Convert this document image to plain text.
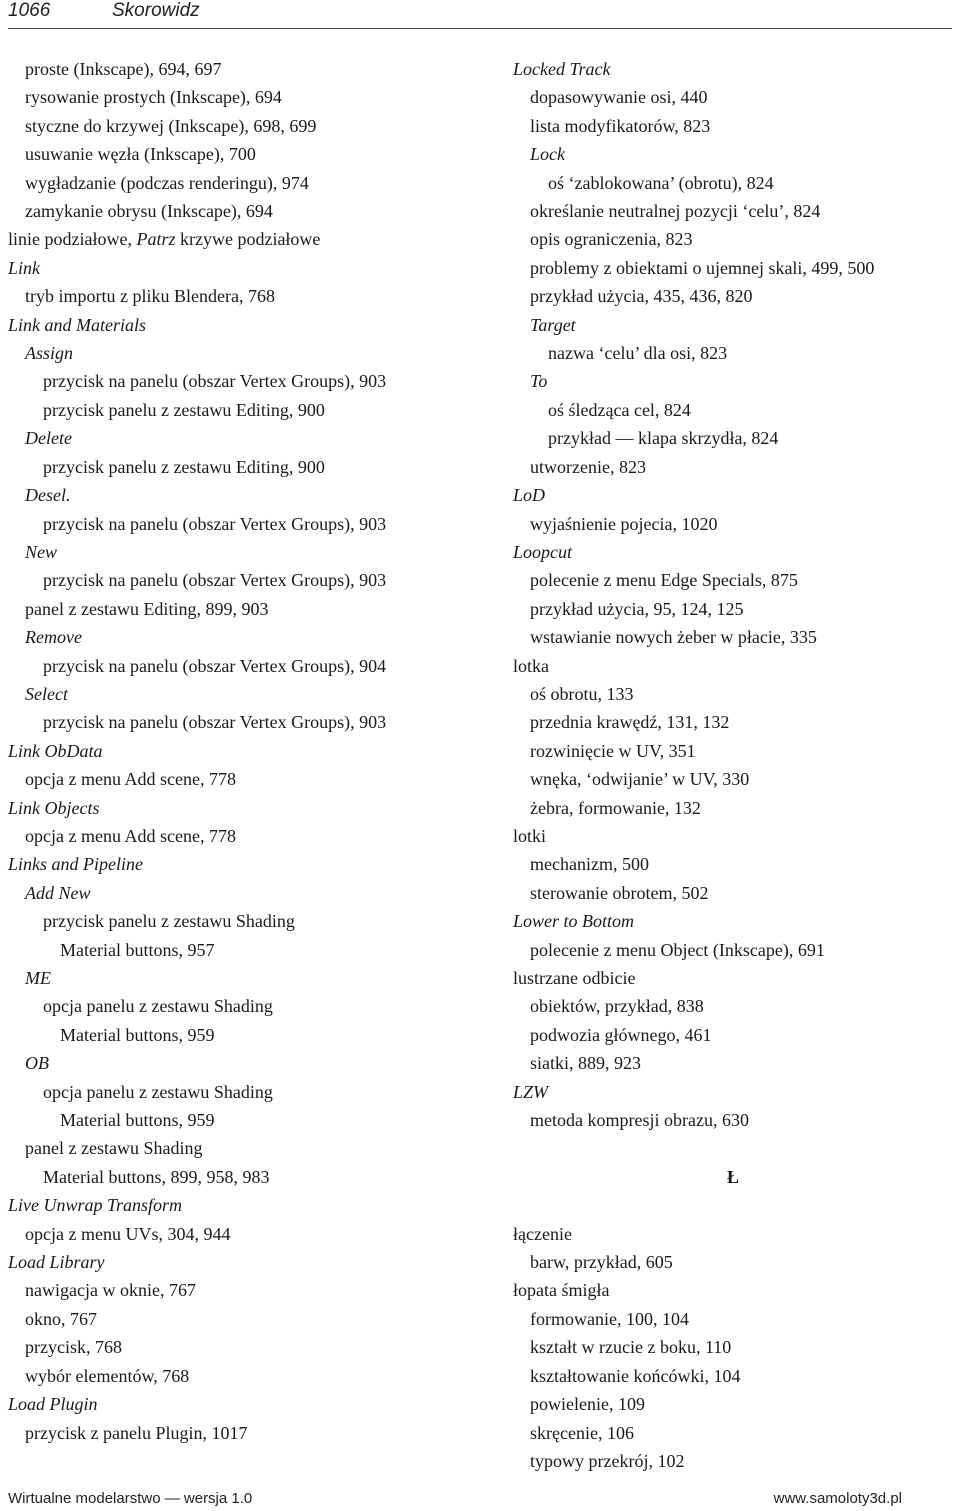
1066	Skorowidz
proste (Inkscape), 694, 697
rysowanie prostych (Inkscape), 694
styczne do krzywej (Inkscape), 698, 699
usuwanie węzła (Inkscape), 700
wygładzanie (podczas renderingu), 974
zamykanie obrysu (Inkscape), 694
linie podziałowe, Patrz krzywe podziałowe
Link
tryb importu z pliku Blendera, 768
Link and Materials
Assign
przycisk na panelu (obszar Vertex Groups), 903
przycisk panelu z zestawu Editing, 900
Delete
przycisk panelu z zestawu Editing, 900
Desel.
przycisk na panelu (obszar Vertex Groups), 903
New
przycisk na panelu (obszar Vertex Groups), 903
panel z zestawu Editing, 899, 903
Remove
przycisk na panelu (obszar Vertex Groups), 904
Select
przycisk na panelu (obszar Vertex Groups), 903
Link ObData
opcja z menu Add scene, 778
Link Objects
opcja z menu Add scene, 778
Links and Pipeline
Add New
przycisk panelu z zestawu Shading
Material buttons, 957
ME
opcja panelu z zestawu Shading
Material buttons, 959
OB
opcja panelu z zestawu Shading
Material buttons, 959
panel z zestawu Shading
Material buttons, 899, 958, 983
Live Unwrap Transform
opcja z menu UVs, 304, 944
Load Library
nawigacja w oknie, 767
okno, 767
przycisk, 768
wybór elementów, 768
Load Plugin
przycisk z panelu Plugin, 1017
Locked Track
dopasowywanie osi, 440
lista modyfikatorów, 823
Lock
oś ‘zablokowana’ (obrotu), 824
określanie neutralnej pozycji ‘celu’, 824
opis ograniczenia, 823
problemy z obiektami o ujemnej skali, 499, 500
przykład użycia, 435, 436, 820
Target
nazwa ‘celu’ dla osi, 823
To
oś śledząca cel, 824
przykład — klapa skrzydła, 824
utworzenie, 823
LoD
wyjaśnienie pojecia, 1020
Loopcut
polecenie z menu Edge Specials, 875
przykład użycia, 95, 124, 125
wstawianie nowych żeber w płacie, 335
lotka
oś obrotu, 133
przednia krawędź, 131, 132
rozwinięcie w UV, 351
wnęka, ‘odwijanie’ w UV, 330
żebra, formowanie, 132
lotki
mechanizm, 500
sterowanie obrotem, 502
Lower to Bottom
polecenie z menu Object (Inkscape), 691
lustrzane odbicie
obiektów, przykład, 838
podwozia głównego, 461
siatki, 889, 923
LZW
metoda kompresji obrazu, 630
Ł
łączenie
barw, przykład, 605
łopata śmigła
formowanie, 100, 104
kształt w rzucie z boku, 110
kształtowanie końcówki, 104
powielenie, 109
skręcenie, 106
typowy przekrój, 102
Wirtualne modelarstwo — wersja 1.0	www.samoloty3d.pl
